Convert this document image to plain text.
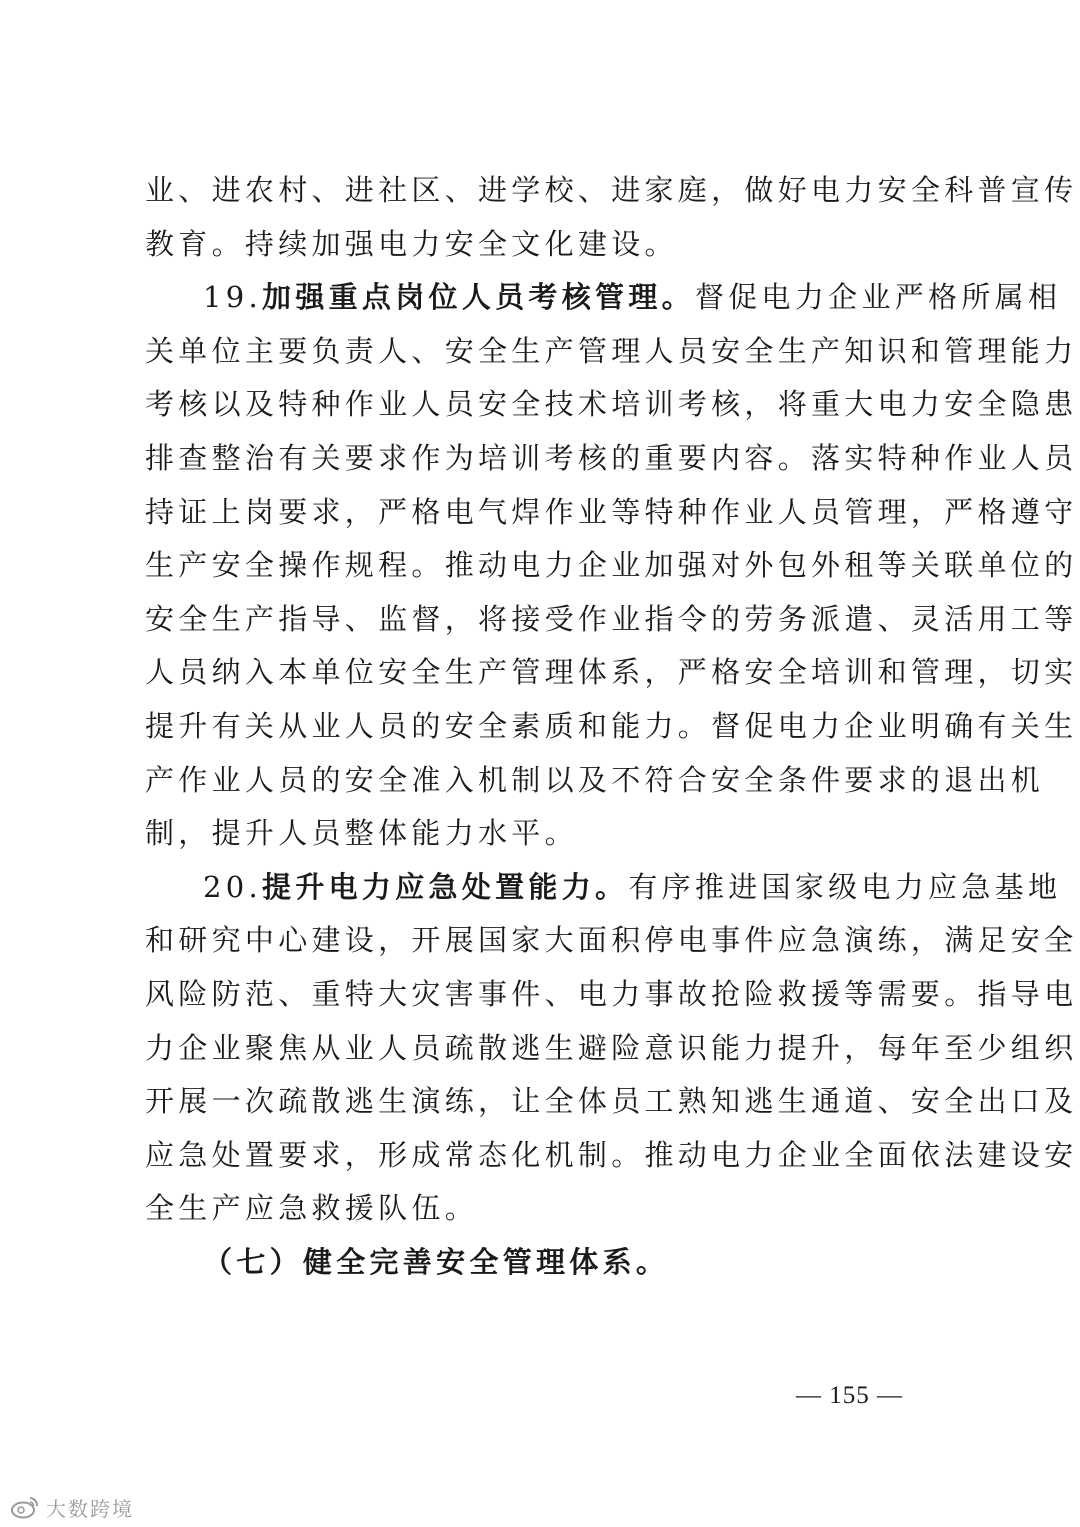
业、进农村、进社区、进学校、进家庭，做好电力安全科普宣传
教育。持续加强电力安全文化建设。
19.加强重点岗位人员考核管理。督促电力企业严格所属相
关单位主要负责人、安全生产管理人员安全生产知识和管理能力
考核以及特种作业人员安全技术培训考核，将重大电力安全隐患
排查整治有关要求作为培训考核的重要内容。落实特种作业人员
持证上岗要求，严格电气焊作业等特种作业人员管理，严格遵守
生产安全操作规程。推动电力企业加强对外包外租等关联单位的
安全生产指导、监督，将接受作业指令的劳务派遣、灵活用工等
人员纳入本单位安全生产管理体系，严格安全培训和管理，切实
提升有关从业人员的安全素质和能力。督促电力企业明确有关生
产作业人员的安全准入机制以及不符合安全条件要求的退出机
制，提升人员整体能力水平。
20.提升电力应急处置能力。有序推进国家级电力应急基地
和研究中心建设，开展国家大面积停电事件应急演练，满足安全
风险防范、重特大灾害事件、电力事故抢险救援等需要。指导电
力企业聚焦从业人员疏散逃生避险意识能力提升，每年至少组织
开展一次疏散逃生演练，让全体员工熟知逃生通道、安全出口及
应急处置要求，形成常态化机制。推动电力企业全面依法建设安
全生产应急救援队伍。
（七）健全完善安全管理体系。
— 155 —
大数跨境
